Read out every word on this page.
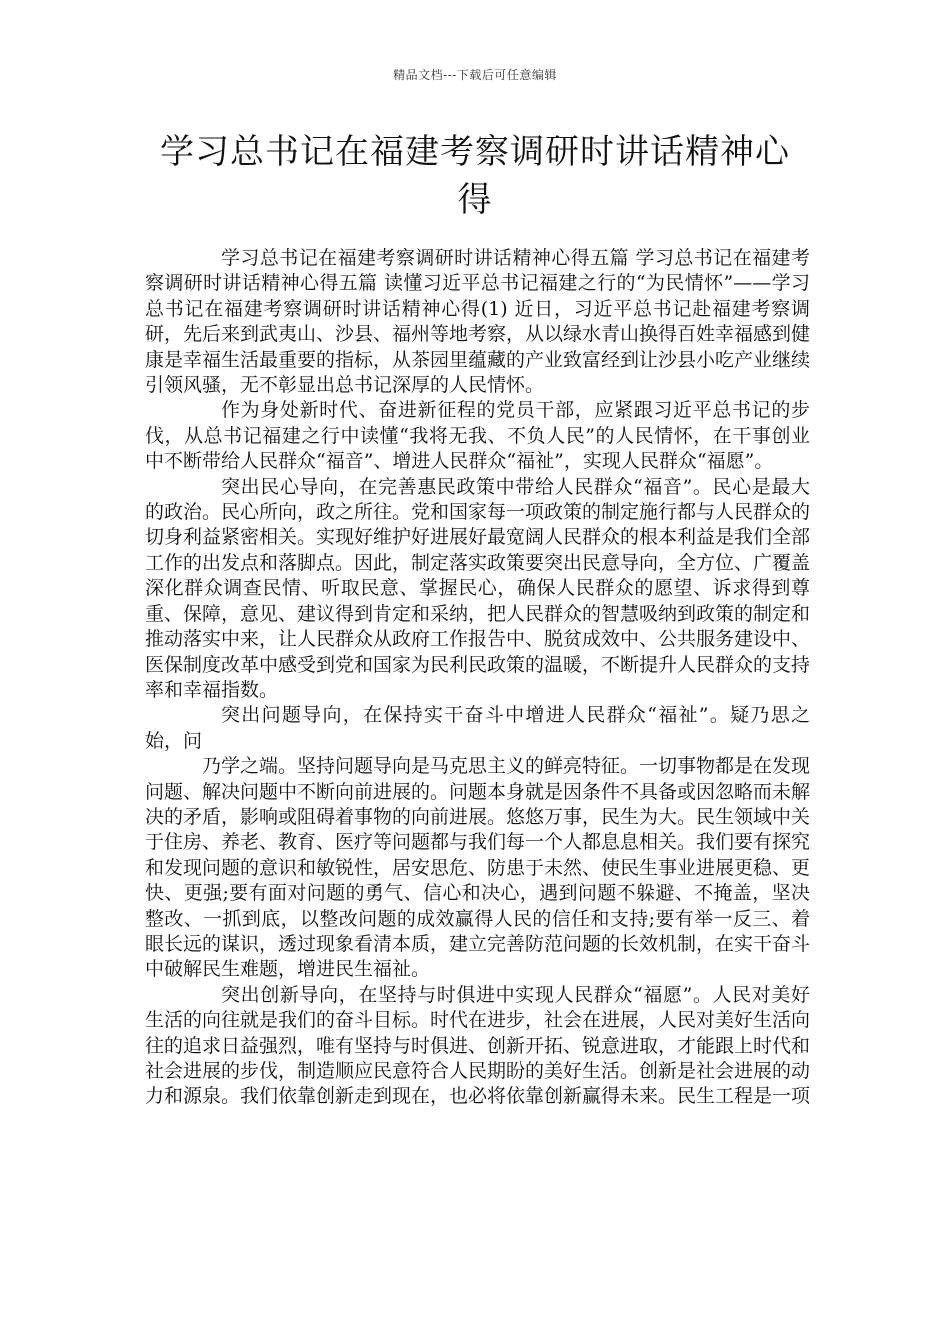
精品文档---下载后可任意编辑
学习总书记在福建考察调研时讲话精神心得

学习总书记在福建考察调研时讲话精神心得五篇 学习总书记在福建考察调研时讲话精神心得五篇 读懂习近平总书记福建之行的“为民情怀”——学习总书记在福建考察调研时讲话精神心得(1) 近日，习近平总书记赴福建考察调研，先后来到武夷山、沙县、福州等地考察，从以绿水青山换得百姓幸福感到健康是幸福生活最重要的指标，从茶园里蕴藏的产业致富经到让沙县小吃产业继续引领风骚，无不彰显出总书记深厚的人民情怀。

作为身处新时代、奋进新征程的党员干部，应紧跟习近平总书记的步伐，从总书记福建之行中读懂“我将无我、不负人民”的人民情怀，在干事创业中不断带给人民群众“福音”、增进人民群众“福祉”，实现人民群众“福愿”。

突出民心导向，在完善惠民政策中带给人民群众“福音”。民心是最大的政治。民心所向，政之所往。党和国家每一项政策的制定施行都与人民群众的切身利益紧密相关。实现好维护好进展好最宽阔人民群众的根本利益是我们全部工作的出发点和落脚点。因此，制定落实政策要突出民意导向，全方位、广覆盖深化群众调查民情、听取民意、掌握民心，确保人民群众的愿望、诉求得到尊重、保障，意见、建议得到肯定和采纳，把人民群众的智慧吸纳到政策的制定和推动落实中来，让人民群众从政府工作报告中、脱贫成效中、公共服务建设中、医保制度改革中感受到党和国家为民利民政策的温暖，不断提升人民群众的支持率和幸福指数。

突出问题导向，在保持实干奋斗中增进人民群众“福祉”。疑乃思之始，问

乃学之端。坚持问题导向是马克思主义的鲜亮特征。一切事物都是在发现问题、解决问题中不断向前进展的。问题本身就是因条件不具备或因忽略而未解决的矛盾，影响或阻碍着事物的向前进展。悠悠万事，民生为大。民生领域中关于住房、养老、教育、医疗等问题都与我们每一个人都息息相关。我们要有探究和发现问题的意识和敏锐性，居安思危、防患于未然、使民生事业进展更稳、更快、更强;要有面对问题的勇气、信心和决心，遇到问题不躲避、不掩盖，坚决整改、一抓到底，以整改问题的成效赢得人民的信任和支持;要有举一反三、着眼长远的谋识，透过现象看清本质，建立完善防范问题的长效机制，在实干奋斗中破解民生难题，增进民生福祉。

突出创新导向，在坚持与时俱进中实现人民群众“福愿”。人民对美好生活的向往就是我们的奋斗目标。时代在进步，社会在进展，人民对美好生活向往的追求日益强烈，唯有坚持与时俱进、创新开拓、锐意进取，才能跟上时代和社会进展的步伐，制造顺应民意符合人民期盼的美好生活。创新是社会进展的动力和源泉。我们依靠创新走到现在，也必将依靠创新赢得未来。民生工程是一项
